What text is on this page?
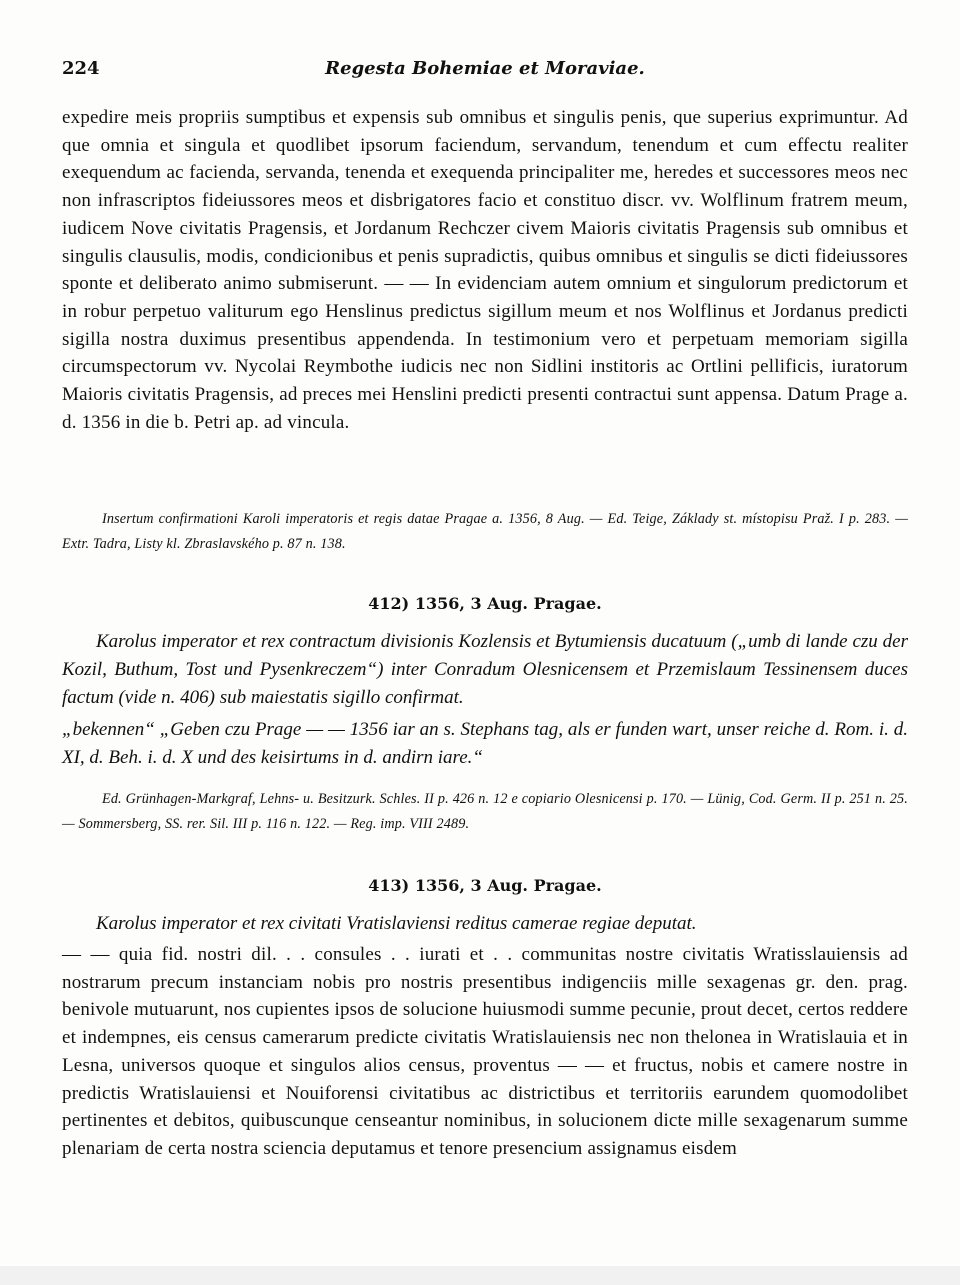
224	Regesta Bohemiae et Moraviae.

expedire meis propriis sumptibus et expensis sub omnibus et singulis penis, que superius exprimuntur. Ad que omnia et singula et quodlibet ipsorum faciendum, servandum, tenendum et cum effectu realiter exequendum ac facienda, servanda, tenenda et exequenda principaliter me, heredes et successores meos nec non infrascriptos fideiussores meos et disbrigatores facio et constituo discr. vv. Wolflinum fratrem meum, iudicem Nove civitatis Pragensis, et Jordanum Rechczer civem Maioris civitatis Pragensis sub omnibus et singulis clausulis, modis, condicionibus et penis supradictis, quibus omnibus et singulis se dicti fideiussores sponte et deliberato animo submiserunt. — — In evidenciam autem omnium et singulorum predictorum et in robur perpetuo valiturum ego Henslinus predictus sigillum meum et nos Wolflinus et Jordanus predicti sigilla nostra duximus presentibus appendenda. In testimonium vero et perpetuam memoriam sigilla circumspectorum vv. Nycolai Reymbothe iudicis nec non Sidlini institoris ac Ortlini pellificis, iuratorum Maioris civitatis Pragensis, ad preces mei Henslini predicti presenti contractui sunt appensa. Datum Prage a. d. 1356 in die b. Petri ap. ad vincula.

Insertum confirmationi Karoli imperatoris et regis datae Pragae a. 1356, 8 Aug. — Ed. Teige, Základy st. místopisu Praž. I p. 283. — Extr. Tadra, Listy kl. Zbraslavského p. 87 n. 138.

412) 1356, 3 Aug. Pragae.

Karolus imperator et rex contractum divisionis Kozlensis et Bytumiensis ducatuum („umb di lande czu der Kozil, Buthum, Tost und Pysenkreczem“) inter Conradum Olesnicensem et Przemislaum Tessinensem duces factum (vide n. 406) sub maiestatis sigillo confirmat.

„bekennen“ „Geben czu Prage — — 1356 iar an s. Stephans tag, als er funden wart, unser reiche d. Rom. i. d. XI, d. Beh. i. d. X und des keisirtums in d. andirn iare.“

Ed. Grünhagen-Markgraf, Lehns- u. Besitzurk. Schles. II p. 426 n. 12 e copiario Olesnicensi p. 170. — Lünig, Cod. Germ. II p. 251 n. 25. — Sommersberg, SS. rer. Sil. III p. 116 n. 122. — Reg. imp. VIII 2489.

413) 1356, 3 Aug. Pragae.

Karolus imperator et rex civitati Vratislaviensi reditus camerae regiae deputat.

— — quia fid. nostri dil. . . consules . . iurati et . . communitas nostre civitatis Wratisslauiensis ad nostrarum precum instanciam nobis pro nostris presentibus indigenciis mille sexagenas gr. den. prag. benivole mutuarunt, nos cupientes ipsos de solucione huiusmodi summe pecunie, prout decet, certos reddere et indempnes, eis census camerarum predicte civitatis Wratislauiensis nec non thelonea in Wratislauia et in Lesna, universos quoque et singulos alios census, proventus — — et fructus, nobis et camere nostre in predictis Wratislauiensi et Nouiforensi civitatibus ac districtibus et territoriis earundem quomodolibet pertinentes et debitos, quibuscunque censeantur nominibus, in solucionem dicte mille sexagenarum summe plenariam de certa nostra sciencia deputamus et tenore presencium assignamus eisdem
